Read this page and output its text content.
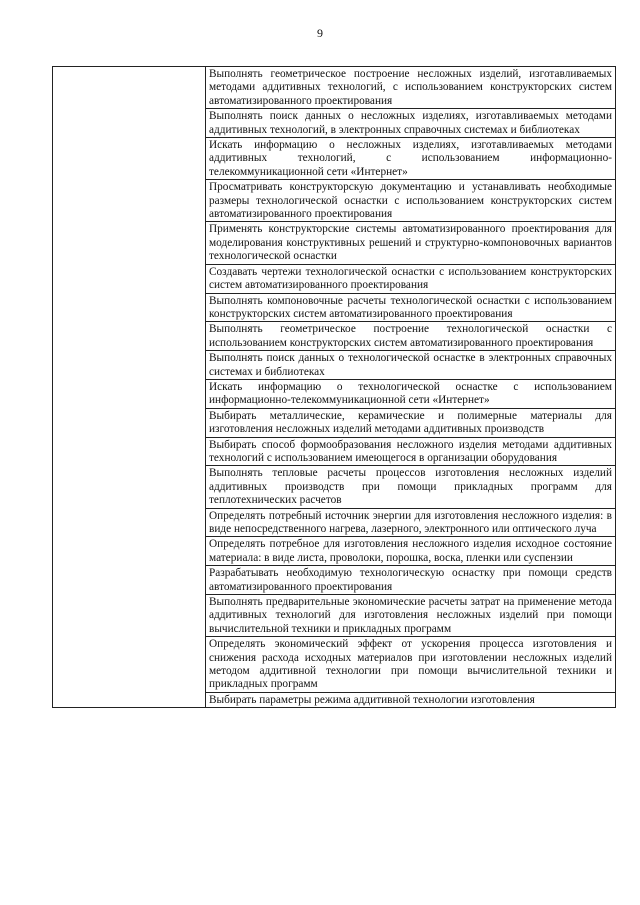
9
	Выполнять геометрическое построение несложных изделий, изготавливаемых методами аддитивных технологий, с использованием конструкторских систем автоматизированного проектирования
Выполнять поиск данных о несложных изделиях, изготавливаемых методами аддитивных технологий, в электронных справочных системах и библиотеках
Искать информацию о несложных изделиях, изготавливаемых методами аддитивных технологий, с использованием информационно-телекоммуникационной сети «Интернет»
Просматривать конструкторскую документацию и устанавливать необходимые размеры технологической оснастки с использованием конструкторских систем автоматизированного проектирования
Применять конструкторские системы автоматизированного проектирования для моделирования конструктивных решений и структурно-компоновочных вариантов технологической оснастки
Создавать чертежи технологической оснастки с использованием конструкторских систем автоматизированного проектирования
Выполнять компоновочные расчеты технологической оснастки с использованием конструкторских систем автоматизированного проектирования
Выполнять геометрическое построение технологической оснастки с использованием конструкторских систем автоматизированного проектирования
Выполнять поиск данных о технологической оснастке в электронных справочных системах и библиотеках
Искать информацию о технологической оснастке с использованием информационно-телекоммуникационной сети «Интернет»
Выбирать металлические, керамические и полимерные материалы для изготовления несложных изделий методами аддитивных производств
Выбирать способ формообразования несложного изделия методами аддитивных технологий с использованием имеющегося в организации оборудования
Выполнять тепловые расчеты процессов изготовления несложных изделий аддитивных производств при помощи прикладных программ для теплотехнических расчетов
Определять потребный источник энергии для изготовления несложного изделия: в виде непосредственного нагрева, лазерного, электронного или оптического луча
Определять потребное для изготовления несложного изделия исходное состояние материала: в виде листа, проволоки, порошка, воска, пленки или суспензии
Разрабатывать необходимую технологическую оснастку при помощи средств автоматизированного проектирования
Выполнять предварительные экономические расчеты затрат на применение метода аддитивных технологий для изготовления несложных изделий при помощи вычислительной техники и прикладных программ
Определять экономический эффект от ускорения процесса изготовления и снижения расхода исходных материалов при изготовлении несложных изделий методом аддитивной технологии при помощи вычислительной техники и прикладных программ
Выбирать параметры режима аддитивной технологии изготовления
